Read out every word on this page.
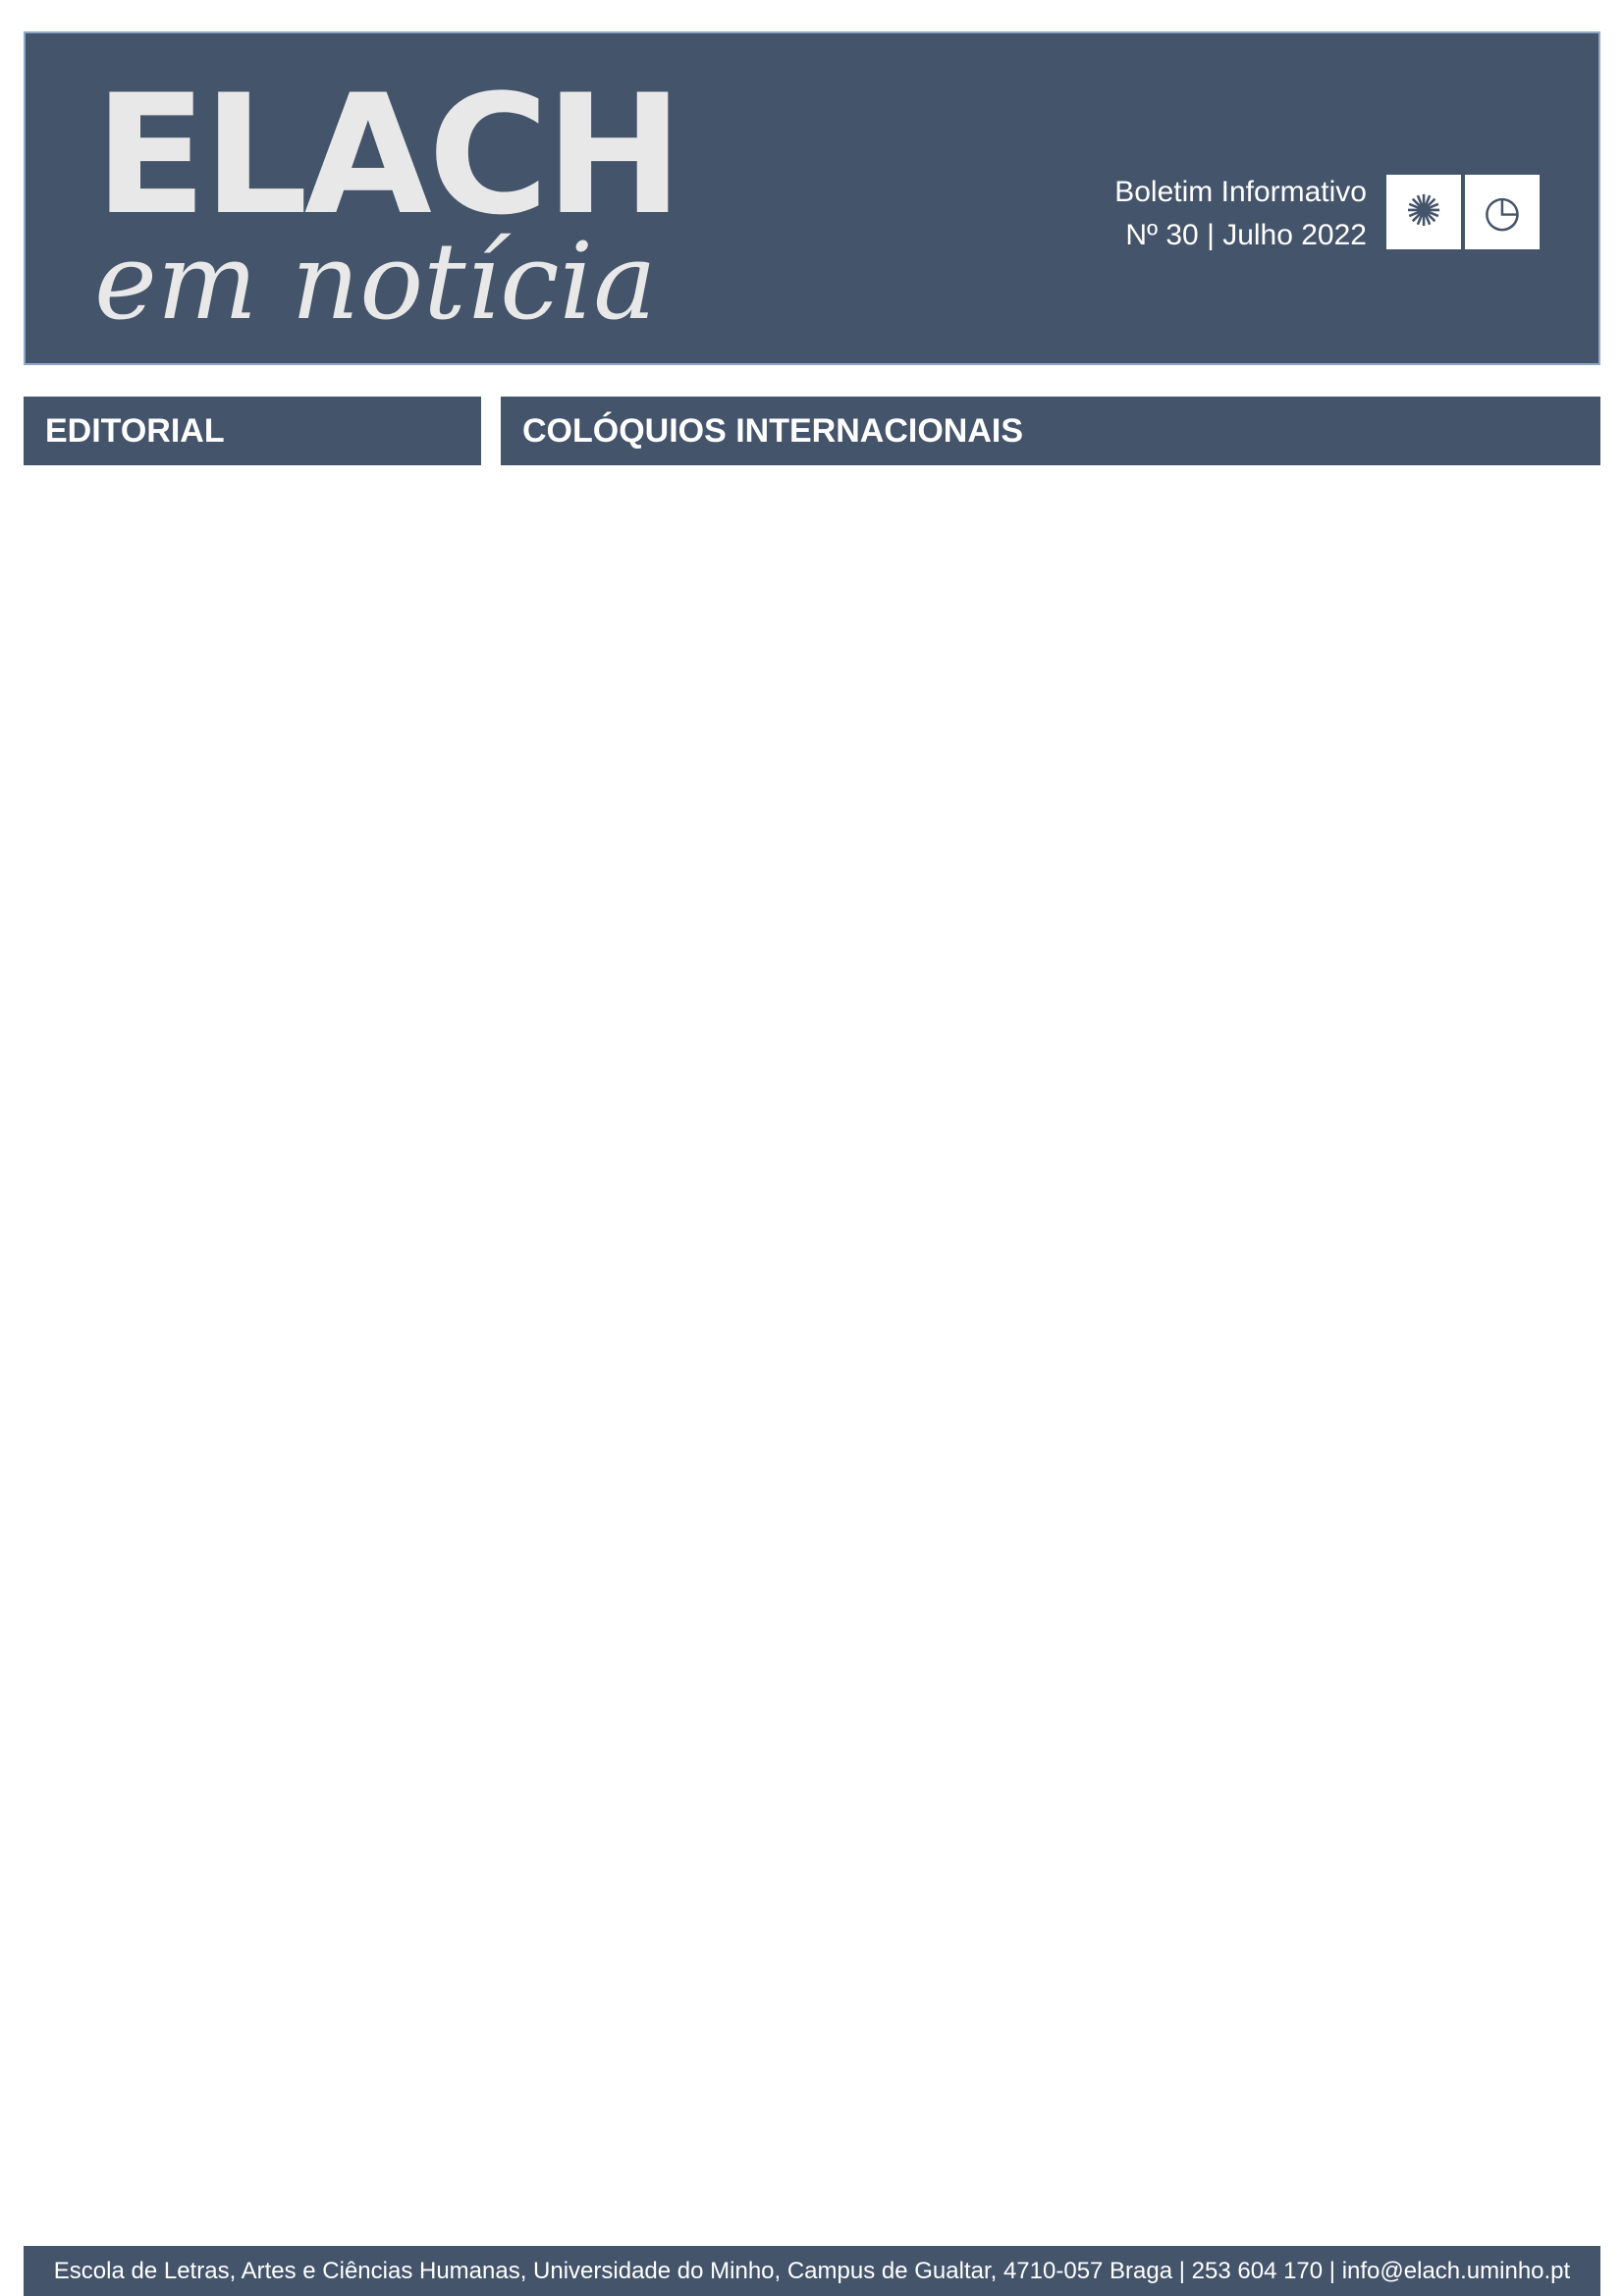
ELACH
em notícia
Boletim Informativo
Nº 30 | Julho 2022 ✺ ◷
EDITORIAL	COLÓQUIOS INTERNACIONAIS
Escola de Letras, Artes e Ciências Humanas, Universidade do Minho, Campus de Gualtar, 4710-057 Braga | 253 604 170 | info@elach.uminho.pt
